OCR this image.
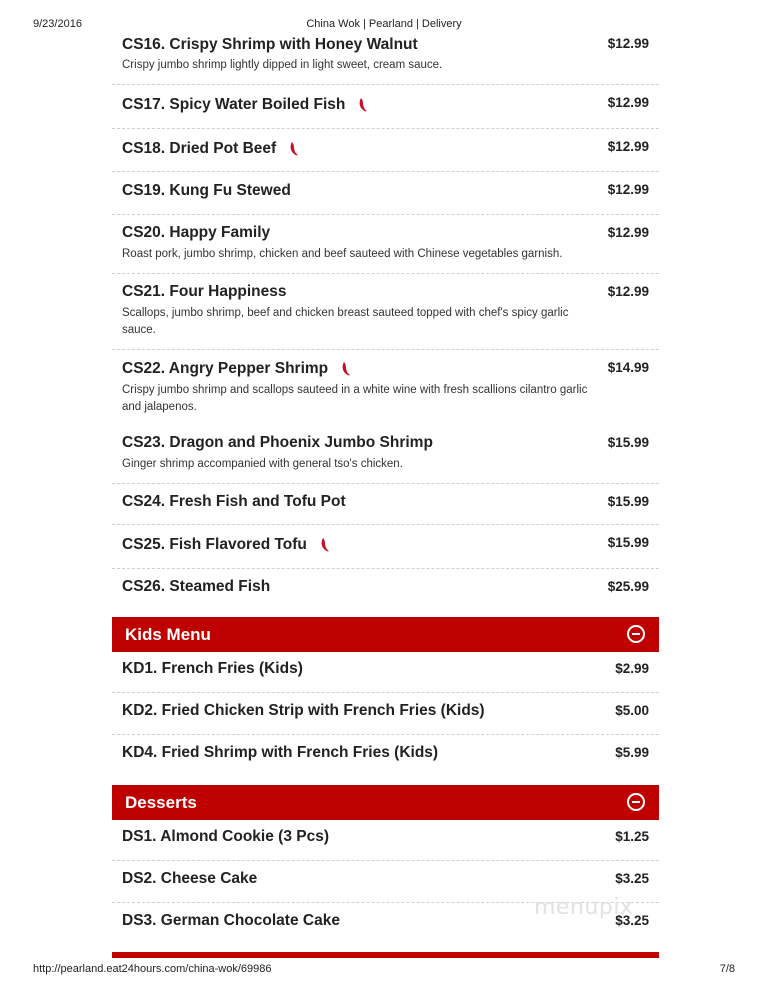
9/23/2016	China Wok | Pearland | Delivery
$12.99
CS16. Crispy Shrimp with Honey Walnut
Crispy jumbo shrimp lightly dipped in light sweet, cream sauce.
$12.99
CS17. Spicy Water Boiled Fish
$12.99
CS18. Dried Pot Beef
$12.99
CS19. Kung Fu Stewed
$12.99
CS20. Happy Family
Roast pork, jumbo shrimp, chicken and beef sauteed with Chinese vegetables garnish.
$12.99
CS21. Four Happiness
Scallops, jumbo shrimp, beef and chicken breast sauteed topped with chef's spicy garlic sauce.
$14.99
CS22. Angry Pepper Shrimp
Crispy jumbo shrimp and scallops sauteed in a white wine with fresh scallions cilantro garlic and jalapenos.
$15.99
CS23. Dragon and Phoenix Jumbo Shrimp
Ginger shrimp accompanied with general tso's chicken.
$15.99
CS24. Fresh Fish and Tofu Pot
$15.99
CS25. Fish Flavored Tofu
$25.99
CS26. Steamed Fish
Kids Menu
$2.99
KD1. French Fries (Kids)
$5.00
KD2. Fried Chicken Strip with French Fries (Kids)
$5.99
KD4. Fried Shrimp with French Fries (Kids)
Desserts
$1.25
DS1. Almond Cookie (3 Pcs)
$3.25
DS2. Cheese Cake
$3.25
DS3. German Chocolate Cake
menupix
http://pearland.eat24hours.com/china-wok/69986	7/8
